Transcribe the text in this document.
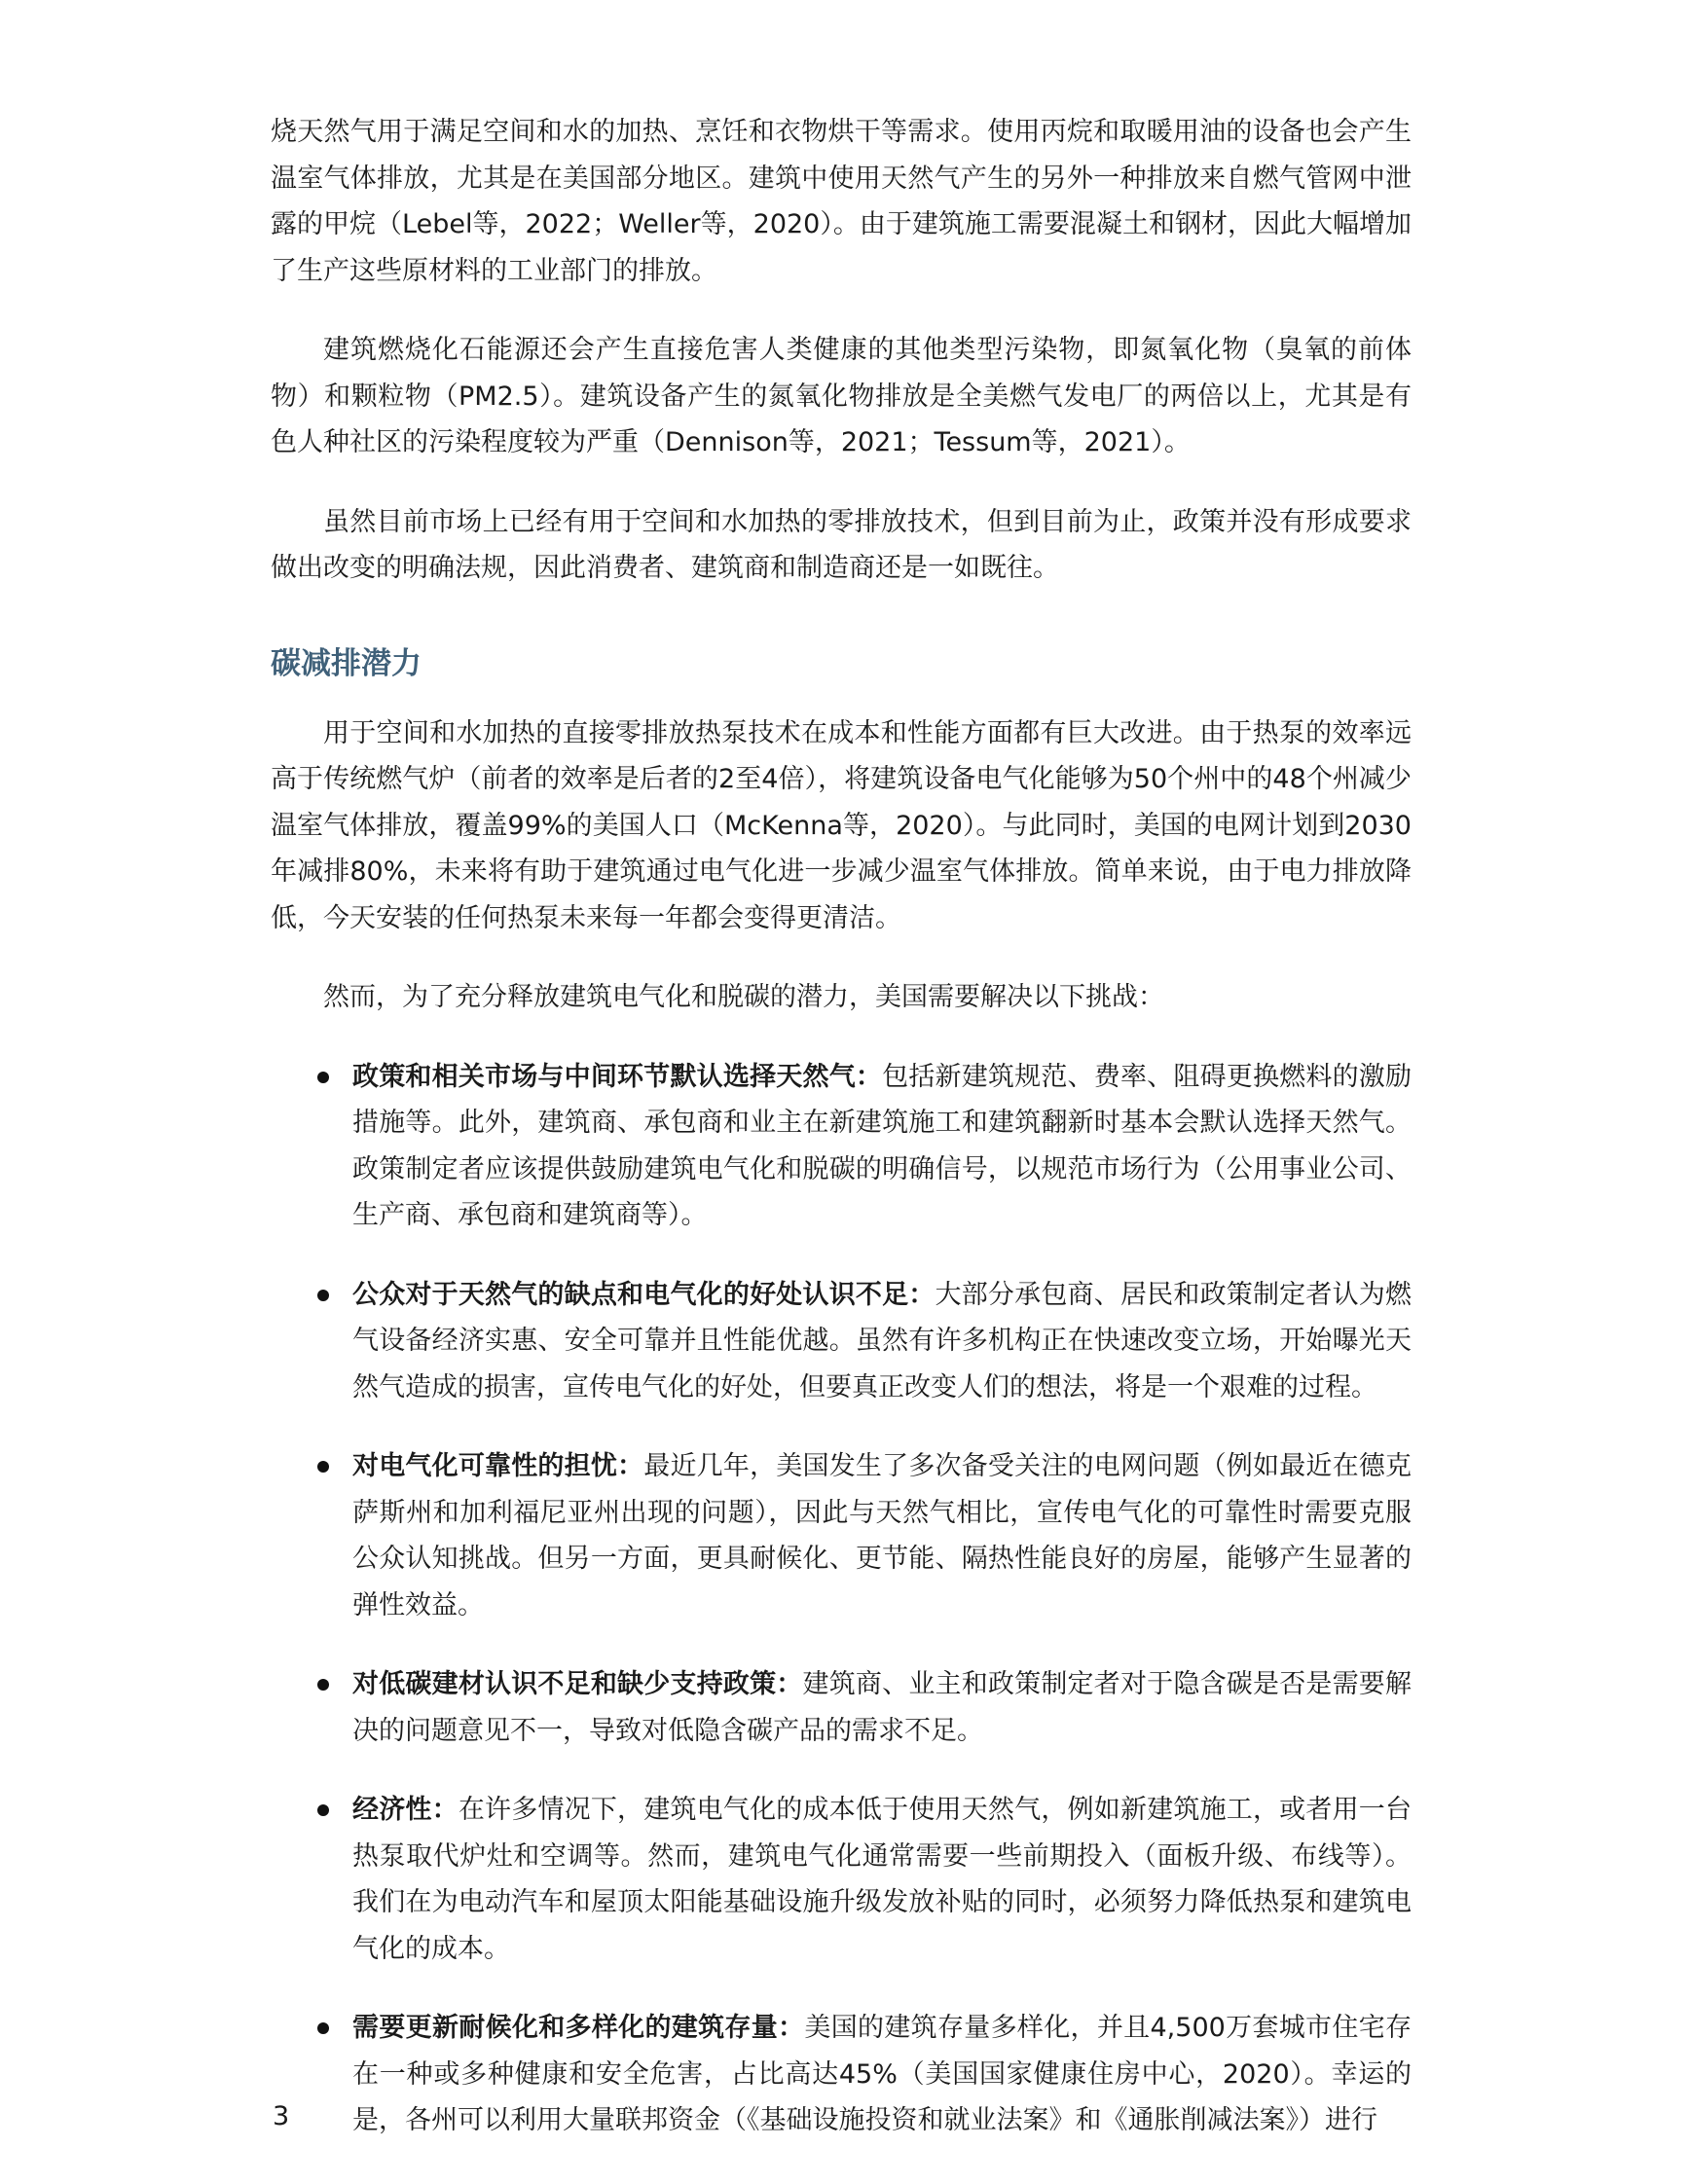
烧天然气用于满足空间和水的加热、烹饪和衣物烘干等需求。使用丙烷和取暖用油的设备也会产生温室气体排放，尤其是在美国部分地区。建筑中使用天然气产生的另外一种排放来自燃气管网中泄露的甲烷（Lebel等，2022；Weller等，2020）。由于建筑施工需要混凝土和钢材，因此大幅增加了生产这些原材料的工业部门的排放。

建筑燃烧化石能源还会产生直接危害人类健康的其他类型污染物，即氮氧化物（臭氧的前体物）和颗粒物（PM2.5）。建筑设备产生的氮氧化物排放是全美燃气发电厂的两倍以上，尤其是有色人种社区的污染程度较为严重（Dennison等，2021；Tessum等，2021）。

虽然目前市场上已经有用于空间和水加热的零排放技术，但到目前为止，政策并没有形成要求做出改变的明确法规，因此消费者、建筑商和制造商还是一如既往。

碳减排潜力

用于空间和水加热的直接零排放热泵技术在成本和性能方面都有巨大改进。由于热泵的效率远高于传统燃气炉（前者的效率是后者的2至4倍），将建筑设备电气化能够为50个州中的48个州减少温室气体排放，覆盖99%的美国人口（McKenna等，2020）。与此同时，美国的电网计划到2030年减排80%，未来将有助于建筑通过电气化进一步减少温室气体排放。简单来说，由于电力排放降低，今天安装的任何热泵未来每一年都会变得更清洁。

然而，为了充分释放建筑电气化和脱碳的潜力，美国需要解决以下挑战：

政策和相关市场与中间环节默认选择天然气：包括新建筑规范、费率、阻碍更换燃料的激励措施等。此外，建筑商、承包商和业主在新建筑施工和建筑翻新时基本会默认选择天然气。政策制定者应该提供鼓励建筑电气化和脱碳的明确信号，以规范市场行为（公用事业公司、生产商、承包商和建筑商等）。
公众对于天然气的缺点和电气化的好处认识不足：大部分承包商、居民和政策制定者认为燃气设备经济实惠、安全可靠并且性能优越。虽然有许多机构正在快速改变立场，开始曝光天然气造成的损害，宣传电气化的好处，但要真正改变人们的想法，将是一个艰难的过程。
对电气化可靠性的担忧：最近几年，美国发生了多次备受关注的电网问题（例如最近在德克萨斯州和加利福尼亚州出现的问题），因此与天然气相比，宣传电气化的可靠性时需要克服公众认知挑战。但另一方面，更具耐候化、更节能、隔热性能良好的房屋，能够产生显著的弹性效益。
对低碳建材认识不足和缺少支持政策：建筑商、业主和政策制定者对于隐含碳是否是需要解决的问题意见不一，导致对低隐含碳产品的需求不足。
经济性：在许多情况下，建筑电气化的成本低于使用天然气，例如新建筑施工，或者用一台热泵取代炉灶和空调等。然而，建筑电气化通常需要一些前期投入（面板升级、布线等）。我们在为电动汽车和屋顶太阳能基础设施升级发放补贴的同时，必须努力降低热泵和建筑电气化的成本。
需要更新耐候化和多样化的建筑存量：美国的建筑存量多样化，并且4,500万套城市住宅存在一种或多种健康和安全危害，占比高达45%（美国国家健康住房中心，2020）。幸运的是，各州可以利用大量联邦资金（《基础设施投资和就业法案》和《通胀削减法案》）进行
3
